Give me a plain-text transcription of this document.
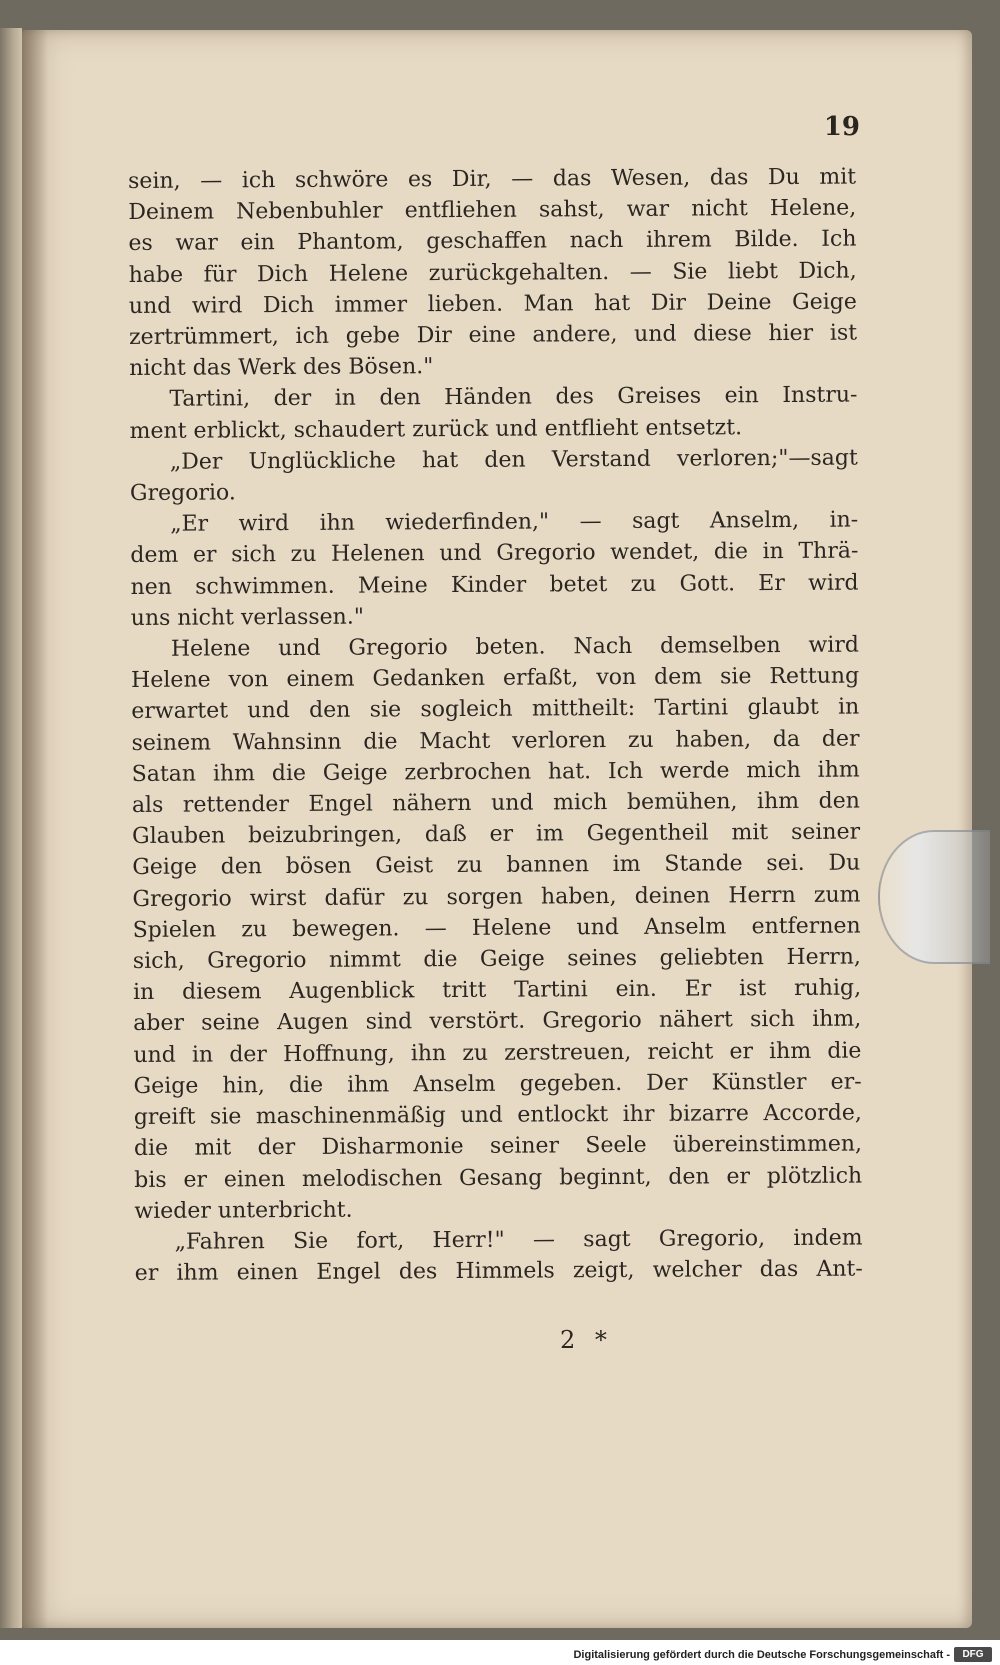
19
sein, — ich schwöre es Dir, — das Wesen, das Du mit
Deinem Nebenbuhler entfliehen sahst, war nicht Helene,
es war ein Phantom, geschaffen nach ihrem Bilde. Ich
habe für Dich Helene zurückgehalten. — Sie liebt Dich,
und wird Dich immer lieben. Man hat Dir Deine Geige
zertrümmert, ich gebe Dir eine andere, und diese hier ist
nicht das Werk des Bösen."
Tartini, der in den Händen des Greises ein Instru-
ment erblickt, schaudert zurück und entflieht entsetzt.
„Der Unglückliche hat den Verstand verloren;"—sagt
Gregorio.
„Er wird ihn wiederfinden," — sagt Anselm, in-
dem er sich zu Helenen und Gregorio wendet, die in Thrä-
nen schwimmen. Meine Kinder betet zu Gott. Er wird
uns nicht verlassen."
Helene und Gregorio beten. Nach demselben wird
Helene von einem Gedanken erfaßt, von dem sie Rettung
erwartet und den sie sogleich mittheilt: Tartini glaubt in
seinem Wahnsinn die Macht verloren zu haben, da der
Satan ihm die Geige zerbrochen hat. Ich werde mich ihm
als rettender Engel nähern und mich bemühen, ihm den
Glauben beizubringen, daß er im Gegentheil mit seiner
Geige den bösen Geist zu bannen im Stande sei. Du
Gregorio wirst dafür zu sorgen haben, deinen Herrn zum
Spielen zu bewegen. — Helene und Anselm entfernen
sich, Gregorio nimmt die Geige seines geliebten Herrn,
in diesem Augenblick tritt Tartini ein. Er ist ruhig,
aber seine Augen sind verstört. Gregorio nähert sich ihm,
und in der Hoffnung, ihn zu zerstreuen, reicht er ihm die
Geige hin, die ihm Anselm gegeben. Der Künstler er-
greift sie maschinenmäßig und entlockt ihr bizarre Accorde,
die mit der Disharmonie seiner Seele übereinstimmen,
bis er einen melodischen Gesang beginnt, den er plötzlich
wieder unterbricht.
„Fahren Sie fort, Herr!" — sagt Gregorio, indem
er ihm einen Engel des Himmels zeigt, welcher das Ant-
2 *
Digitalisierung gefördert durch die Deutsche Forschungsgemeinschaft - DFG
